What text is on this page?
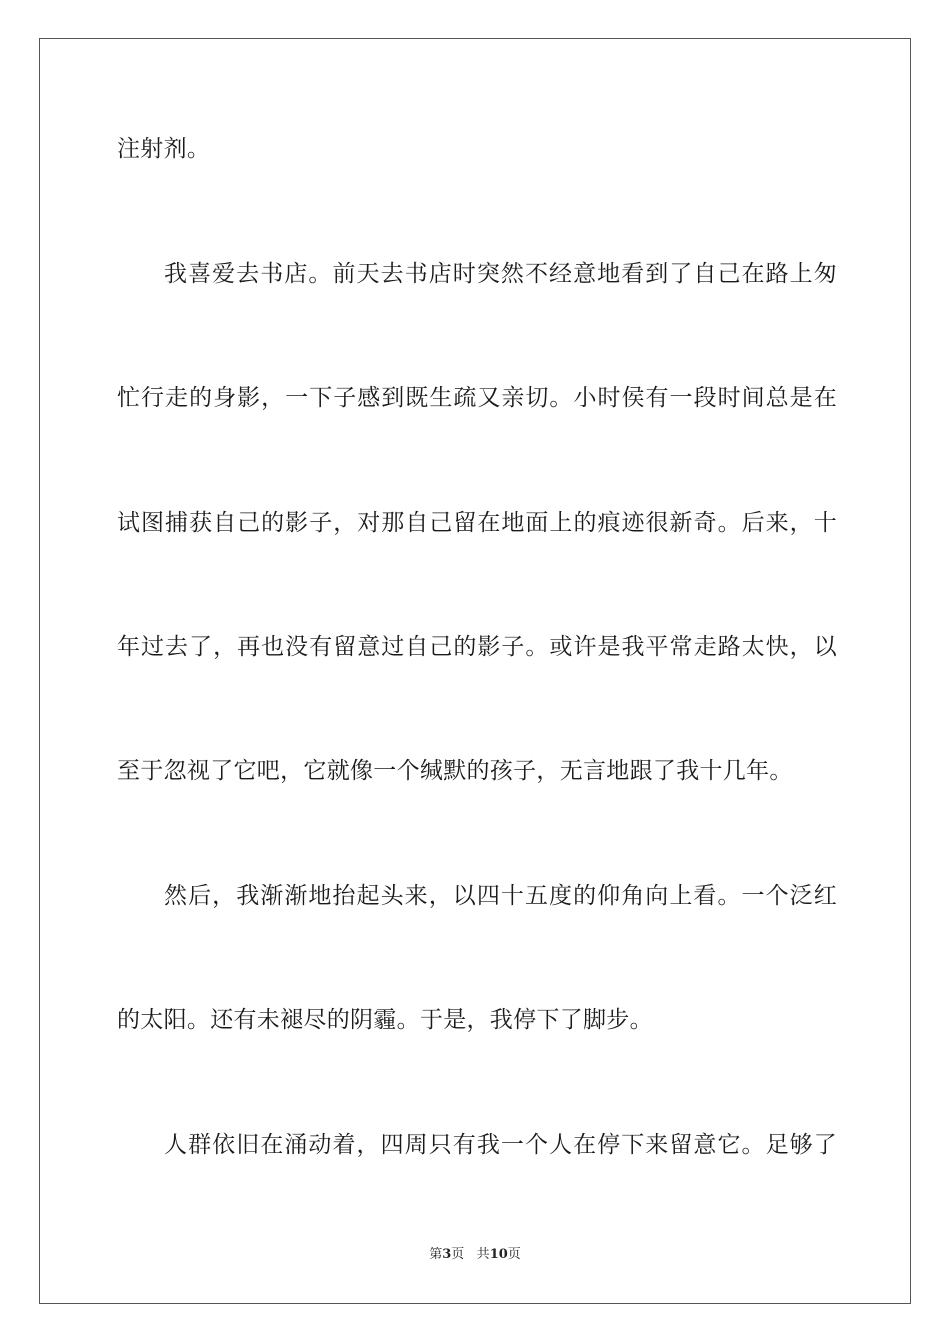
注射剂。
我喜爱去书店。前天去书店时突然不经意地看到了自己在路上匆
忙行走的身影，一下子感到既生疏又亲切。小时侯有一段时间总是在
试图捕获自己的影子，对那自己留在地面上的痕迹很新奇。后来，十
年过去了，再也没有留意过自己的影子。或许是我平常走路太快，以
至于忽视了它吧，它就像一个缄默的孩子，无言地跟了我十几年。
然后，我渐渐地抬起头来，以四十五度的仰角向上看。一个泛红
的太阳。还有未褪尽的阴霾。于是，我停下了脚步。
人群依旧在涌动着，四周只有我一个人在停下来留意它。足够了
第3页 共10页
